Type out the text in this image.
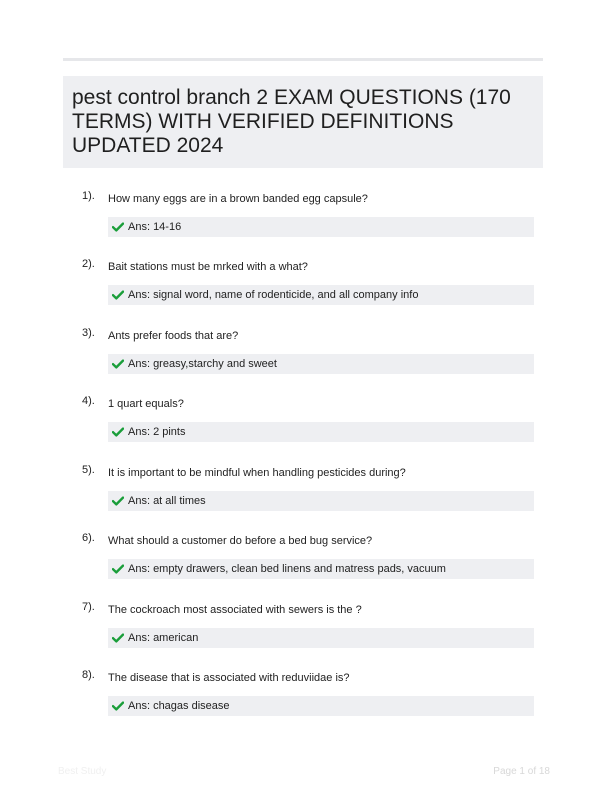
pest control branch 2 EXAM QUESTIONS (170 TERMS) WITH VERIFIED DEFINITIONS UPDATED 2024
1). How many eggs are in a brown banded egg capsule?
Ans: 14-16
2). Bait stations must be mrked with a what?
Ans: signal word, name of rodenticide, and all company info
3). Ants prefer foods that are?
Ans: greasy,starchy and sweet
4). 1 quart equals?
Ans: 2 pints
5). It is important to be mindful when handling pesticides during?
Ans: at all times
6). What should a customer do before a bed bug service?
Ans: empty drawers, clean bed linens and matress pads, vacuum
7). The cockroach most associated with sewers is the ?
Ans: american
8). The disease that is associated with reduviidae is?
Ans: chagas disease
Best Study	Page 1 of 18
